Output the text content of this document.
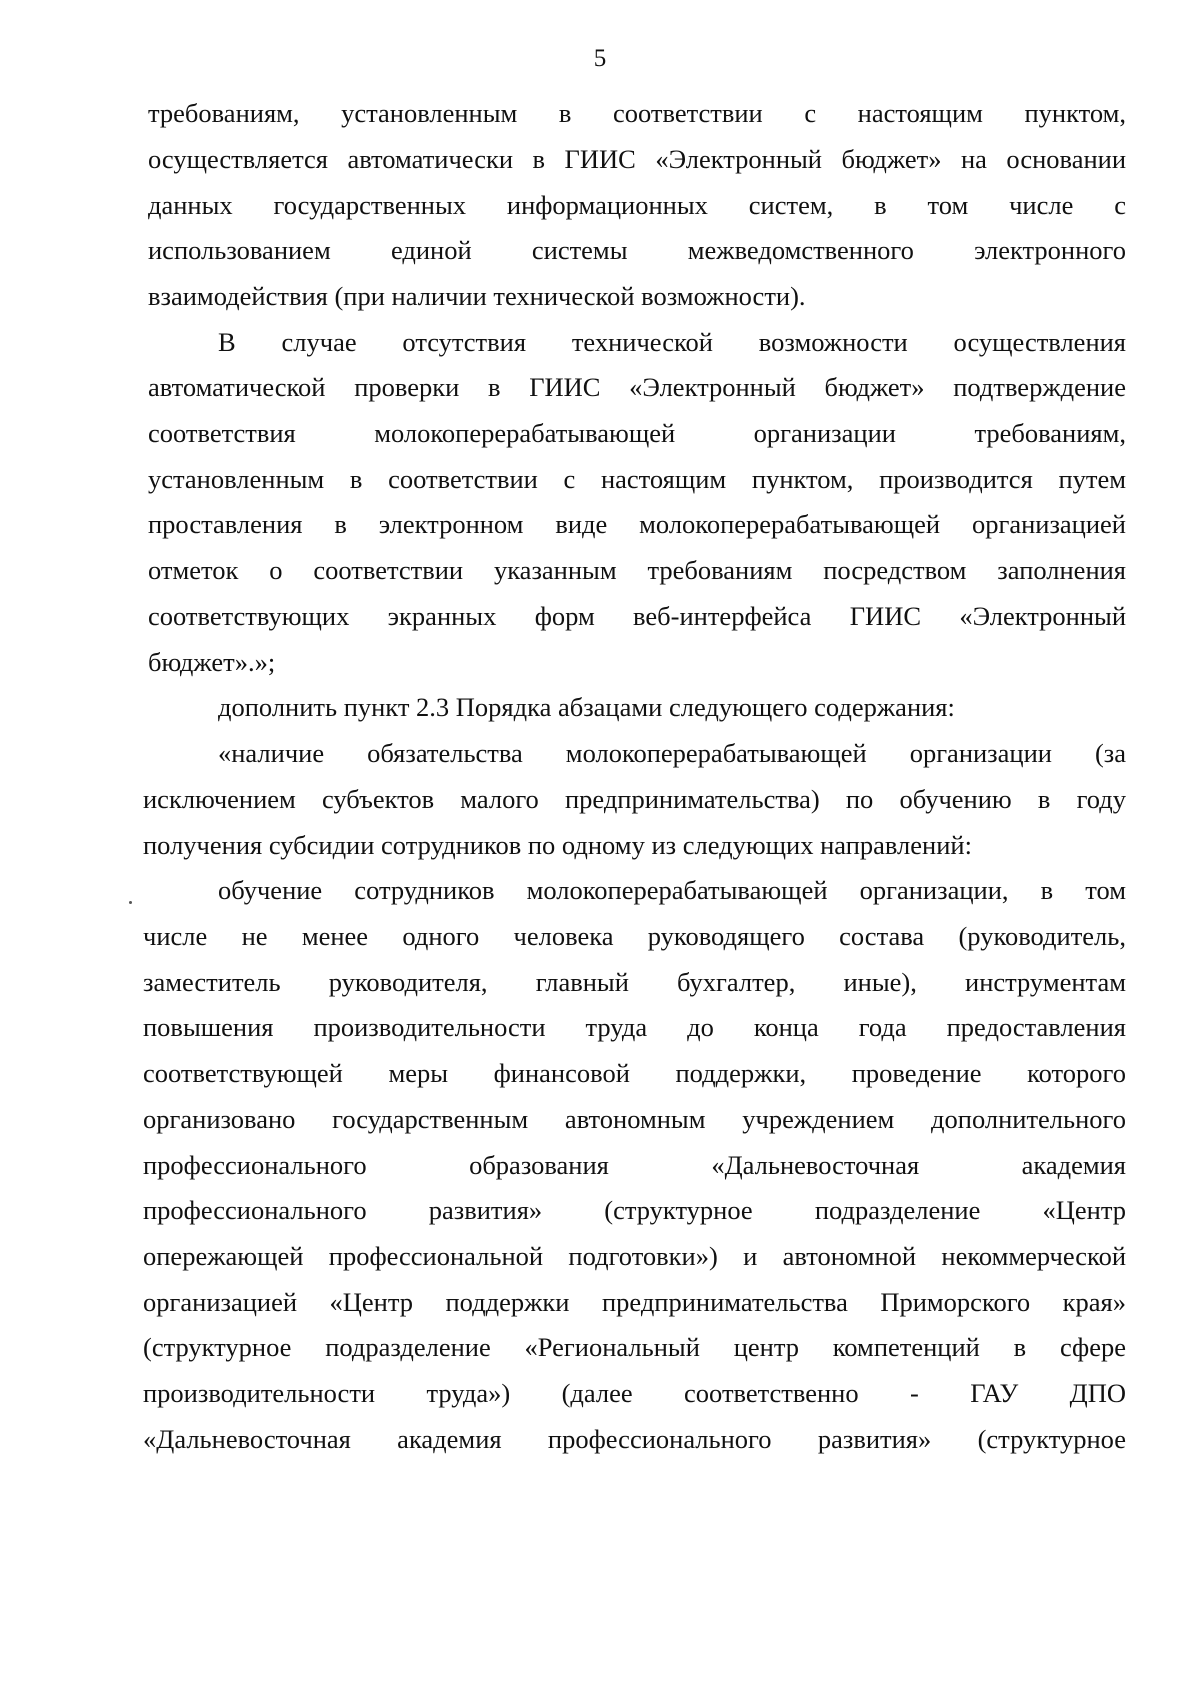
5
требованиям, установленным в соответствии с настоящим пунктом,
осуществляется автоматически в ГИИС «Электронный бюджет» на основании
данных государственных информационных систем, в том числе с
использованием единой системы межведомственного электронного
взаимодействия (при наличии технической возможности).
В случае отсутствия технической возможности осуществления
автоматической проверки в ГИИС «Электронный бюджет» подтверждение
соответствия молокоперерабатывающей организации требованиям,
установленным в соответствии с настоящим пунктом, производится путем
проставления в электронном виде молокоперерабатывающей организацией
отметок о соответствии указанным требованиям посредством заполнения
соответствующих экранных форм веб-интерфейса ГИИС «Электронный
бюджет».»;
дополнить пункт 2.3 Порядка абзацами следующего содержания:
«наличие обязательства молокоперерабатывающей организации (за
исключением субъектов малого предпринимательства) по обучению в году
получения субсидии сотрудников по одному из следующих направлений:
обучение сотрудников молокоперерабатывающей организации, в том
числе не менее одного человека руководящего состава (руководитель,
заместитель руководителя, главный бухгалтер, иные), инструментам
повышения производительности труда до конца года предоставления
соответствующей меры финансовой поддержки, проведение которого
организовано государственным автономным учреждением дополнительного
профессионального образования «Дальневосточная академия
профессионального развития» (структурное подразделение «Центр
опережающей профессиональной подготовки») и автономной некоммерческой
организацией «Центр поддержки предпринимательства Приморского края»
(структурное подразделение «Региональный центр компетенций в сфере
производительности труда») (далее соответственно - ГАУ ДПО
«Дальневосточная академия профессионального развития» (структурное
